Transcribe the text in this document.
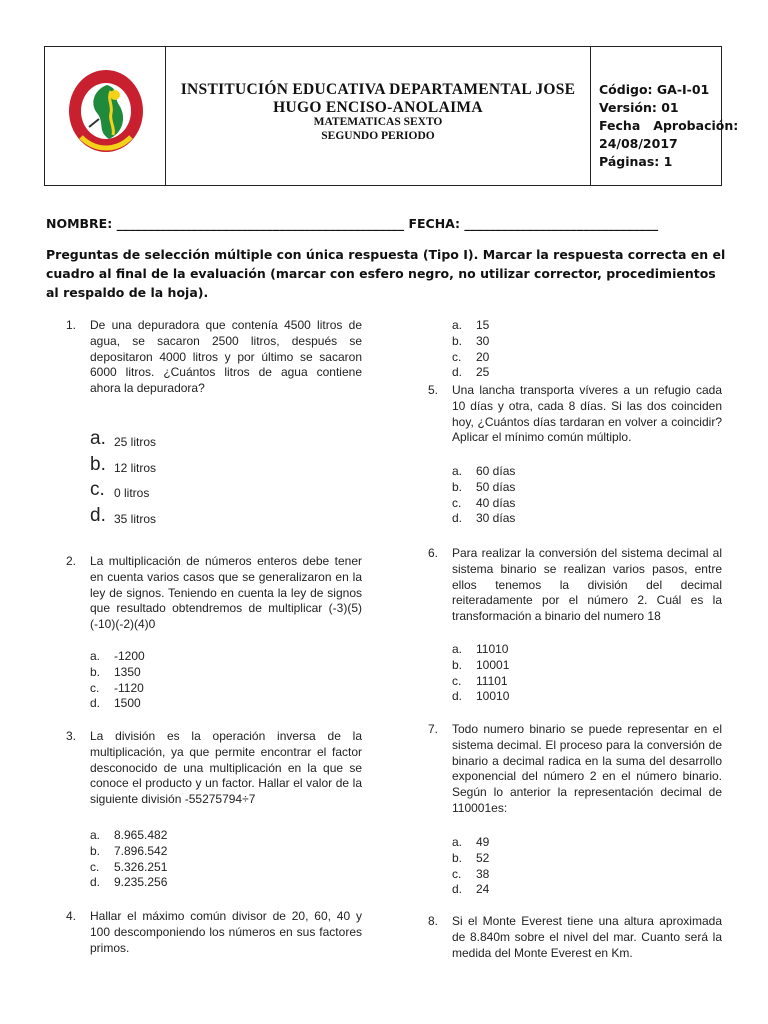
INSTITUCIÓN EDUCATIVA DEPARTAMENTAL JOSE HUGO ENCISO-ANOLAIMA
MATEMATICAS SEXTO
SEGUNDO PERIODO
Código: GA-I-01
Versión: 01
Fecha   Aprobación:
24/08/2017
Páginas: 1
NOMBRE: ______________________________________________ FECHA: _______________________________
Preguntas de selección múltiple con única respuesta (Tipo I). Marcar la respuesta correcta en el cuadro al final de la evaluación (marcar con esfero negro, no utilizar corrector, procedimientos al respaldo de la hoja).
1. De una depuradora que contenía 4500 litros de agua, se sacaron 2500 litros, después se depositaron 4000 litros y por último se sacaron 6000 litros. ¿Cuántos litros de agua contiene ahora la depuradora?
a. 25 litros
b. 12 litros
c. 0 litros
d. 35 litros
2. La multiplicación de números enteros debe tener en cuenta varios casos que se generalizaron en la ley de signos. Teniendo en cuenta la ley de signos que resultado obtendremos de multiplicar (-3)(5)(-10)(-2)(4)0
a. -1200
b. 1350
c. -1120
d. 1500
3. La división es la operación inversa de la multiplicación, ya que permite encontrar el factor desconocido de una multiplicación en la que se conoce el producto y un factor. Hallar el valor de la siguiente división -55275794÷7
a. 8.965.482
b. 7.896.542
c. 5.326.251
d. 9.235.256
4. Hallar el máximo común divisor de 20, 60, 40 y 100 descomponiendo los números en sus factores primos.
a. 15
b. 30
c. 20
d. 25
5. Una lancha transporta víveres a un refugio cada 10 días y otra, cada 8 días. Si las dos coinciden hoy, ¿Cuántos días tardaran en volver a coincidir? Aplicar el mínimo común múltiplo.
a. 60 días
b. 50 días
c. 40 días
d. 30 días
6. Para realizar la conversión del sistema decimal al sistema binario se realizan varios pasos, entre ellos tenemos la división del decimal reiteradamente por el número 2. Cuál es la transformación a binario del numero 18
a. 11010
b. 10001
c. 11101
d. 10010
7. Todo numero binario se puede representar en el sistema decimal. El proceso para la conversión de binario a decimal radica en la suma del desarrollo exponencial del número 2 en el número binario. Según lo anterior la representación decimal de 110001es:
a. 49
b. 52
c. 38
d. 24
8. Si el Monte Everest tiene una altura aproximada de 8.840m sobre el nivel del mar. Cuanto será la medida del Monte Everest en Km.
